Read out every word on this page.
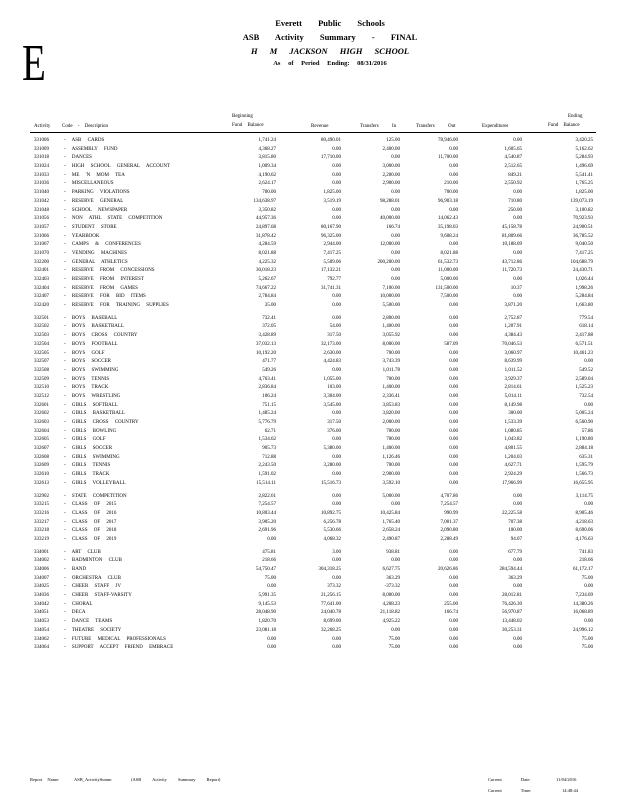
E
Everett Public Schools
ASB Activity Summary - FINAL
H M JACKSON HIGH SCHOOL
As of Period Ending: 08/31/2016
Activity Code - Description
Beginning
Fund Balance	Revenue	Transfers In	Transfers Out	Expenditures
Ending
Fund Balance
331006	- ASB CARDS	1,741.24	80,490.01	125.00	78,946.00	0.00	3,420.25
331009	- ASSEMBLY FUND	4,368.27	0.00	2,400.00	0.00	1,605.65	5,162.62
331018	- DANCES	3,815.80	17,710.00	0.00	11,700.00	4,540.87	5,284.93
331024	- HIGH SCHOOL GENERAL ACCOUNT	1,009.34	0.00	3,000.00	0.00	2,512.65	1,496.69
331033	- ME 'N MOM TEA	4,190.62	0.00	2,200.00	0.00	849.21	5,541.41
331036	- MISCELLANEOUS	2,624.17	0.00	2,900.00	210.00	2,550.92	1,765.25
331040	- PARKING VIOLATIONS	700.00	1,825.00	0.00	700.00	0.00	1,825.00
331042	- RESERVE GENERAL	134,638.97	3,519.19	98,288.01	96,903.18	710.80	139,073.19
331048	- SCHOOL NEWSPAPER	3,350.82	0.00	0.00	0.00	250.00	3,100.82
331056	- NON ATHL STATE COMPETITION	44,957.36	0.00	40,000.00	14,062.43	0.00	70,923.93
331057	- STUDENT STORE	24,897.68	80,167.90	166.74	35,198.03	45,158.78	24,900.51
331066	- YEARBOOK	31,878.42	96,325.00	0.00	9,608.24	81,809.66	36,785.52
331067	- CAMPS & CONFERENCES	4,284.59	2,944.00	12,000.00	0.00	10,188.09	9,040.50
331070	- VENDING MACHINES	8,021.88	7,417.25	0.00	8,021.88	0.00	7,417.25
332200	- GENERAL ATHLETICS	4,225.32	5,509.06	200,200.00	61,532.73	43,712.86	104,688.79
332401	- RESERVE FROM CONCESSIONS	30,018.23	17,132.21	0.00	11,000.00	11,720.73	24,430.71
332403	- RESERVE FROM INTEREST	5,262.67	792.77	0.00	5,000.00	0.00	1,026.44
332404	- RESERVE FROM GAMES	74,667.22	31,741.31	7,100.00	131,500.00	10.37	1,998.26
332407	- RESERVE FOR BID ITEMS	2,784.84	0.00	10,000.00	7,500.00	0.00	5,284.84
332420	- RESERVE FOR TRAINING SUPPLIES	35.00	0.00	5,500.00	0.00	3,871.20	1,663.80
332501	- BOYS BASEBALL	732.41	0.00	2,800.00	0.00	2,752.87	779.54
332502	- BOYS BASKETBALL	372.05	54.00	1,400.00	0.00	1,207.91	618.14
332503	- BOYS CROSS COUNTRY	3,428.89	317.50	3,055.92	0.00	4,384.43	2,417.88
332504	- BOYS FOOTBALL	37,032.13	32,173.00	8,000.00	587.09	70,046.53	6,571.51
332505	- BOYS GOLF	10,192.20	2,630.00	700.00	0.00	3,060.97	10,461.23
332507	- BOYS SOCCER	471.77	4,424.83	3,743.39	0.00	8,639.99	0.00
332508	- BOYS SWIMMING	549.26	0.00	1,011.78	0.00	1,011.52	549.52
332509	- BOYS TENNIS	4,763.41	1,055.00	700.00	0.00	3,929.37	2,589.04
332510	- BOYS TRACK	2,836.84	103.00	1,400.00	0.00	2,814.61	1,525.23
332512	- BOYS WRESTLING	106.24	3,304.00	2,336.41	0.00	5,014.11	732.54
332601	- GIRLS SOFTBALL	751.15	3,545.00	3,853.83	0.00	8,149.98	0.00
332602	- GIRLS BASKETBALL	1,485.24	0.00	3,820.00	0.00	300.00	5,005.24
332603	- GIRLS CROSS COUNTRY	5,776.79	317.50	2,000.00	0.00	1,533.39	6,560.90
332604	- GIRLS BOWLING	62.71	376.00	700.00	0.00	1,080.85	57.86
332605	- GIRLS GOLF	1,534.62	0.00	700.00	0.00	1,043.82	1,190.80
332607	- GIRLS SOCCER	905.73	5,380.00	1,400.00	0.00	4,801.55	2,884.18
332608	- GIRLS SWIMMING	712.88	0.00	1,126.46	0.00	1,204.03	635.31
332609	- GIRLS TENNIS	2,243.50	3,280.00	700.00	0.00	4,627.71	1,595.79
332610	- GIRLS TRACK	1,591.02	0.00	2,900.00	0.00	2,924.29	1,566.73
332613	- GIRLS VOLLEYBALL	15,514.11	15,516.73	3,592.10	0.00	17,966.99	16,655.95
332902	- STATE COMPETITION	2,822.61	0.00	5,000.00	4,707.86	0.00	3,114.75
333215	- CLASS OF 2015	7,254.57	0.00	0.00	7,254.57	0.00	0.00
333216	- CLASS OF 2016	10,803.44	10,892.75	10,425.84	990.99	22,225.58	8,905.46
333217	- CLASS OF 2017	3,905.20	6,256.78	1,765.40	7,001.37	707.38	4,218.63
333218	- CLASS OF 2018	2,691.96	5,530.66	2,658.24	2,090.80	100.00	8,690.06
333219	- CLASS OF 2019	0.00	4,068.32	2,490.87	2,288.49	94.07	4,176.63
334001	- ART CLUB	475.81	3.00	938.81	0.00	677.79	741.83
334002	- BADMINTON CLUB	218.66	0.00	0.00	0.00	0.00	218.66
334006	- BAND	54,750.47	304,318.25	6,627.75	20,626.86	284,594.44	61,172.17
334007	- ORCHESTRA CLUB	75.00	0.00	363.29	0.00	363.29	75.00
334025	- CHEER STAFF JV	0.00	373.32	-373.32	0.00	0.00	0.00
334036	- CHEER STAFF-VARSITY	5,991.35	21,256.15	8,000.00	0.00	28,012.81	7,234.69
334042	- CHORAL	9,145.53	77,641.00	4,208.23	255.00	76,426.30	14,380.26
334051	- DECA	28,048.90	24,040.78	21,118.82	166.74	56,970.87	16,068.89
334053	- DANCE TEAMS	1,820.70	8,699.00	4,925.22	0.00	13,448.02	0.00
334054	- THEATRE SOCIETY	23,081.18	32,268.25	0.00	0.00	30,253.31	24,996.12
334062	- FUTURE MEDICAL PROFESSIONALS	0.00	0.00	75.00	0.00	0.00	75.00
334064	- SUPPORT ACCEPT FRIEND EMBRACE	0.00	0.00	75.00	0.00	0.00	75.00
Report Name:	ASB_ActivitySumm	(ASB Activity Summary Report)	Current Date:	11/04/2016
Current Time:	14:48:44
